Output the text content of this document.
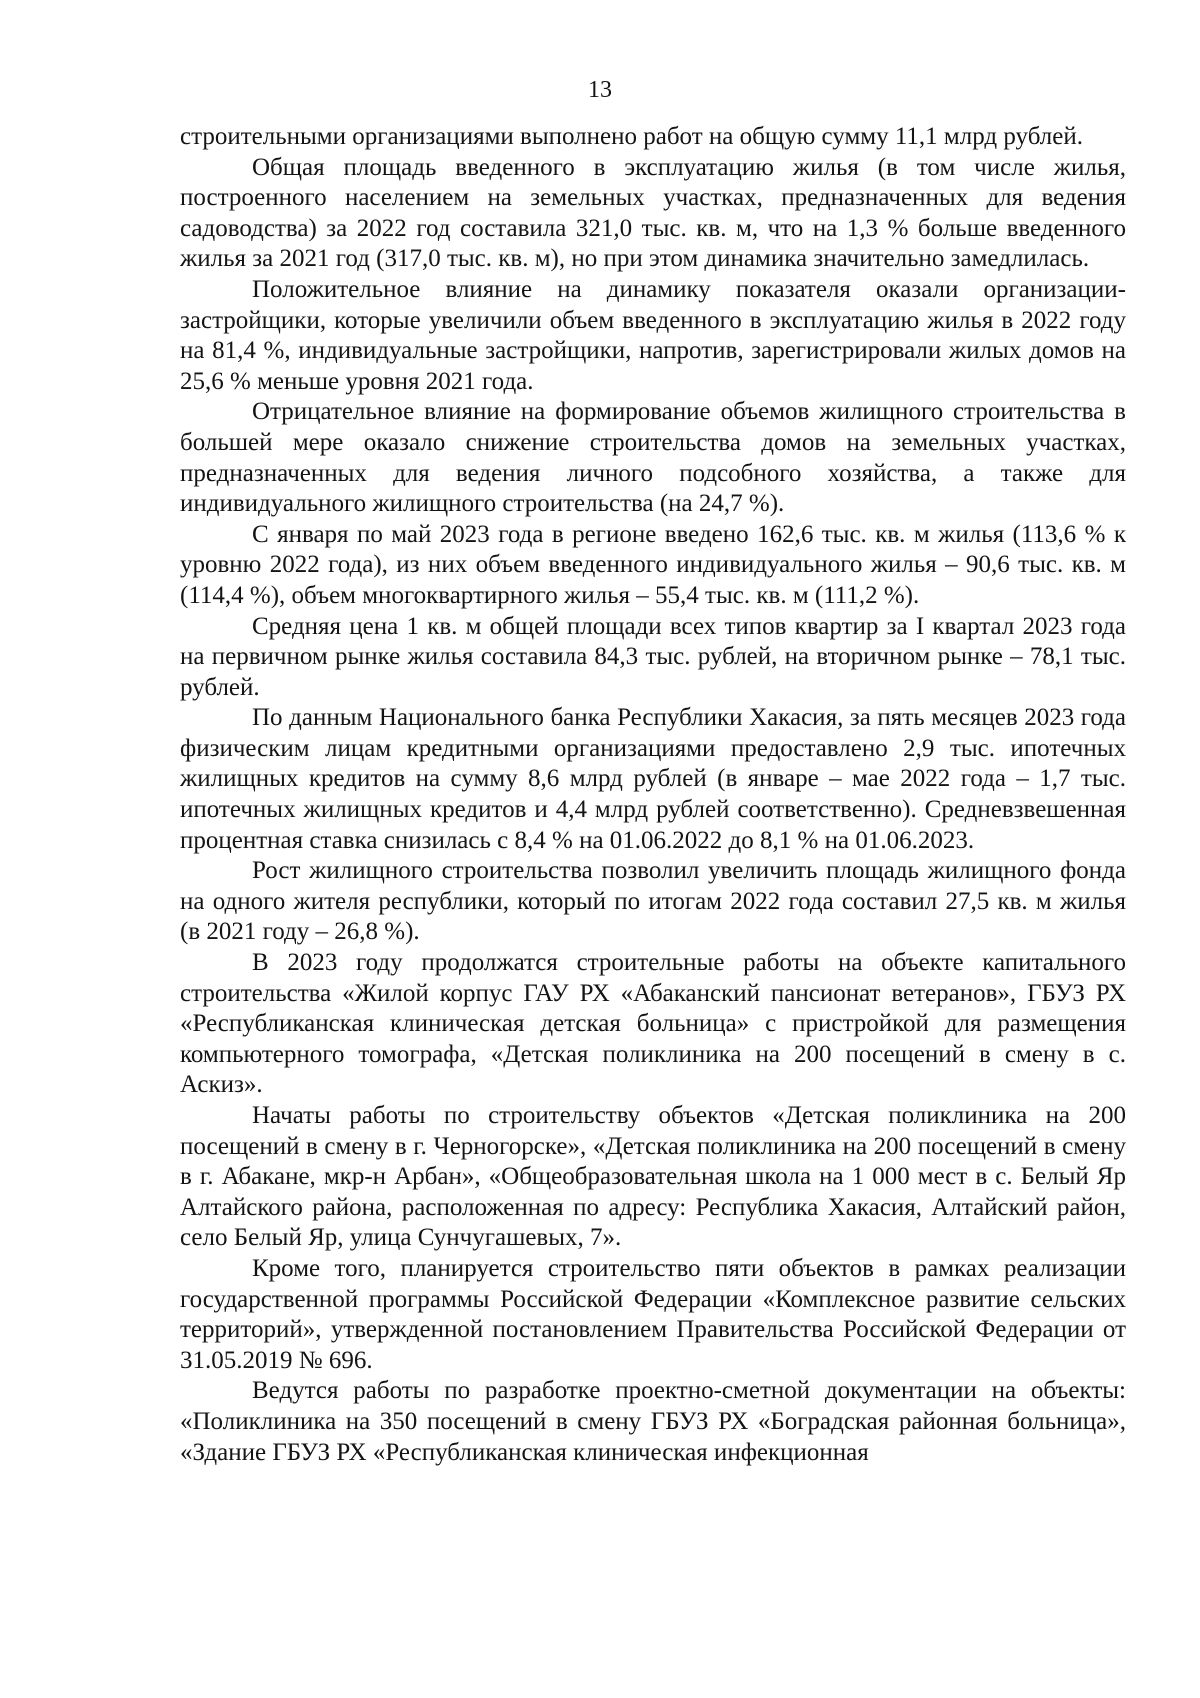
13

строительными организациями выполнено работ на общую сумму 11,1 млрд рублей.

Общая площадь введенного в эксплуатацию жилья (в том числе жилья, построенного населением на земельных участках, предназначенных для ведения садоводства) за 2022 год составила 321,0 тыс. кв. м, что на 1,3 % больше введенного жилья за 2021 год (317,0 тыс. кв. м), но при этом динамика значительно замедлилась.

Положительное влияние на динамику показателя оказали организации-застройщики, которые увеличили объем введенного в эксплуатацию жилья в 2022 году на 81,4 %, индивидуальные застройщики, напротив, зарегистрировали жилых домов на 25,6 % меньше уровня 2021 года.

Отрицательное влияние на формирование объемов жилищного строительства в большей мере оказало снижение строительства домов на земельных участках, предназначенных для ведения личного подсобного хозяйства, а также для индивидуального жилищного строительства (на 24,7 %).

С января по май 2023 года в регионе введено 162,6 тыс. кв. м жилья (113,6 % к уровню 2022 года), из них объем введенного индивидуального жилья – 90,6 тыс. кв. м (114,4 %), объем многоквартирного жилья – 55,4 тыс. кв. м (111,2 %).

Средняя цена 1 кв. м общей площади всех типов квартир за I квартал 2023 года на первичном рынке жилья составила 84,3 тыс. рублей, на вторичном рынке – 78,1 тыс. рублей.

По данным Национального банка Республики Хакасия, за пять месяцев 2023 года физическим лицам кредитными организациями предоставлено 2,9 тыс. ипотечных жилищных кредитов на сумму 8,6 млрд рублей (в январе – мае 2022 года – 1,7 тыс. ипотечных жилищных кредитов и 4,4 млрд рублей соответственно). Средневзвешенная процентная ставка снизилась с 8,4 % на 01.06.2022 до 8,1 % на 01.06.2023.

Рост жилищного строительства позволил увеличить площадь жилищного фонда на одного жителя республики, который по итогам 2022 года составил 27,5 кв. м жилья (в 2021 году – 26,8 %).

В 2023 году продолжатся строительные работы на объекте капитального строительства «Жилой корпус ГАУ РХ «Абаканский пансионат ветеранов», ГБУЗ РХ «Республиканская клиническая детская больница» с пристройкой для размещения компьютерного томографа, «Детская поликлиника на 200 посещений в смену в с. Аскиз».

Начаты работы по строительству объектов «Детская поликлиника на 200 посещений в смену в г. Черногорске», «Детская поликлиника на 200 посещений в смену в г. Абакане, мкр-н Арбан», «Общеобразовательная школа на 1 000 мест в с. Белый Яр Алтайского района, расположенная по адресу: Республика Хакасия, Алтайский район, село Белый Яр, улица Сунчугашевых, 7».

Кроме того, планируется строительство пяти объектов в рамках реализации государственной программы Российской Федерации «Комплексное развитие сельских территорий», утвержденной постановлением Правительства Российской Федерации от 31.05.2019 № 696.

Ведутся работы по разработке проектно-сметной документации на объекты: «Поликлиника на 350 посещений в смену ГБУЗ РХ «Боградская районная больница», «Здание ГБУЗ РХ «Республиканская клиническая инфекционная
